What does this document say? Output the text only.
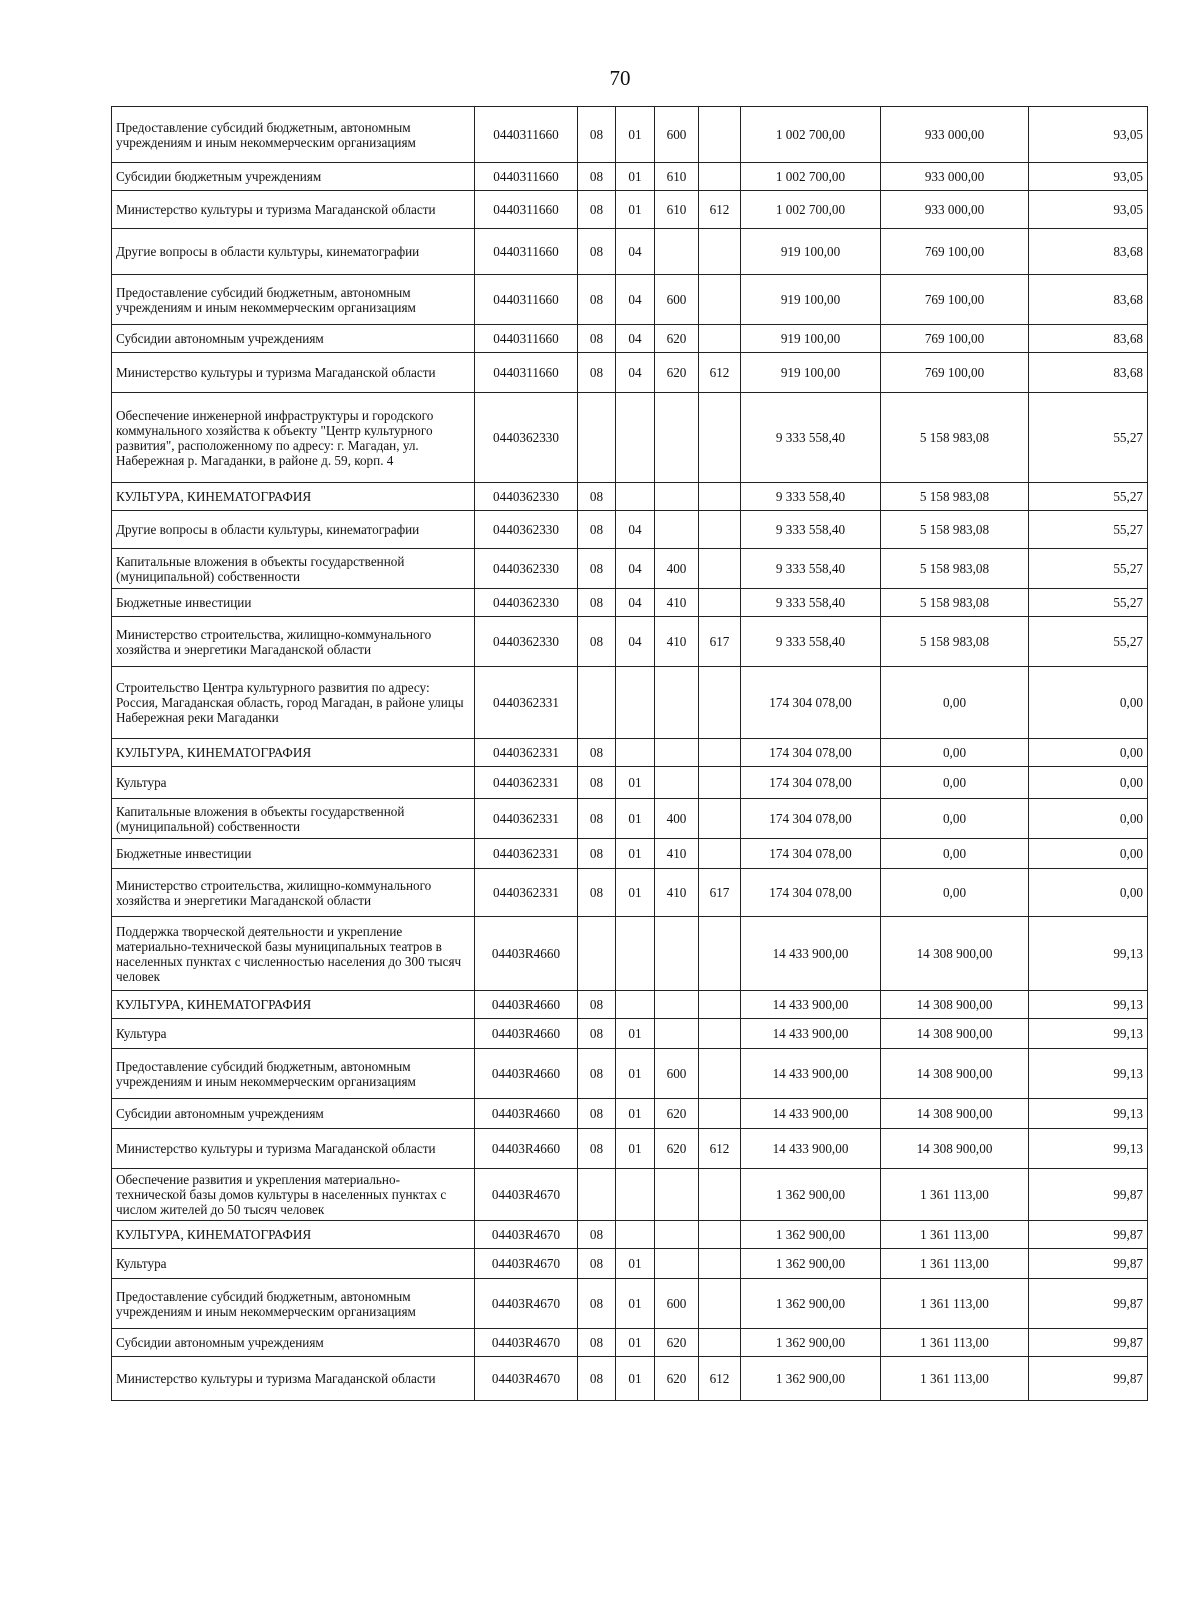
70
Предоставление субсидий бюджетным, автономным учреждениям и иным некоммерческим организациям	0440311660	08	01	600		1 002 700,00	933 000,00	93,05
Субсидии бюджетным учреждениям	0440311660	08	01	610		1 002 700,00	933 000,00	93,05
Министерство культуры и туризма Магаданской области	0440311660	08	01	610	612	1 002 700,00	933 000,00	93,05
Другие вопросы в области культуры, кинематографии	0440311660	08	04			919 100,00	769 100,00	83,68
Предоставление субсидий бюджетным, автономным учреждениям и иным некоммерческим организациям	0440311660	08	04	600		919 100,00	769 100,00	83,68
Субсидии автономным учреждениям	0440311660	08	04	620		919 100,00	769 100,00	83,68
Министерство культуры и туризма Магаданской области	0440311660	08	04	620	612	919 100,00	769 100,00	83,68
Обеспечение инженерной инфраструктуры и городского коммунального хозяйства к объекту "Центр культурного развития", расположенному по адресу: г. Магадан, ул. Набережная р. Магаданки, в районе д. 59, корп. 4	0440362330					9 333 558,40	5 158 983,08	55,27
КУЛЬТУРА, КИНЕМАТОГРАФИЯ	0440362330	08				9 333 558,40	5 158 983,08	55,27
Другие вопросы в области культуры, кинематографии	0440362330	08	04			9 333 558,40	5 158 983,08	55,27
Капитальные вложения в объекты государственной (муниципальной) собственности	0440362330	08	04	400		9 333 558,40	5 158 983,08	55,27
Бюджетные инвестиции	0440362330	08	04	410		9 333 558,40	5 158 983,08	55,27
Министерство строительства, жилищно-коммунального хозяйства и энергетики Магаданской области	0440362330	08	04	410	617	9 333 558,40	5 158 983,08	55,27
Строительство Центра культурного развития по адресу: Россия, Магаданская область, город Магадан, в районе улицы Набережная реки Магаданки	0440362331					174 304 078,00	0,00	0,00
КУЛЬТУРА, КИНЕМАТОГРАФИЯ	0440362331	08				174 304 078,00	0,00	0,00
Культура	0440362331	08	01			174 304 078,00	0,00	0,00
Капитальные вложения в объекты государственной (муниципальной) собственности	0440362331	08	01	400		174 304 078,00	0,00	0,00
Бюджетные инвестиции	0440362331	08	01	410		174 304 078,00	0,00	0,00
Министерство строительства, жилищно-коммунального хозяйства и энергетики Магаданской области	0440362331	08	01	410	617	174 304 078,00	0,00	0,00
Поддержка творческой деятельности и укрепление материально-технической базы муниципальных театров в населенных пунктах с численностью населения до 300 тысяч человек	04403R4660					14 433 900,00	14 308 900,00	99,13
КУЛЬТУРА, КИНЕМАТОГРАФИЯ	04403R4660	08				14 433 900,00	14 308 900,00	99,13
Культура	04403R4660	08	01			14 433 900,00	14 308 900,00	99,13
Предоставление субсидий бюджетным, автономным учреждениям и иным некоммерческим организациям	04403R4660	08	01	600		14 433 900,00	14 308 900,00	99,13
Субсидии автономным учреждениям	04403R4660	08	01	620		14 433 900,00	14 308 900,00	99,13
Министерство культуры и туризма Магаданской области	04403R4660	08	01	620	612	14 433 900,00	14 308 900,00	99,13
Обеспечение развития и укрепления материально-технической базы домов культуры в населенных пунктах с числом жителей до 50 тысяч человек	04403R4670					1 362 900,00	1 361 113,00	99,87
КУЛЬТУРА, КИНЕМАТОГРАФИЯ	04403R4670	08				1 362 900,00	1 361 113,00	99,87
Культура	04403R4670	08	01			1 362 900,00	1 361 113,00	99,87
Предоставление субсидий бюджетным, автономным учреждениям и иным некоммерческим организациям	04403R4670	08	01	600		1 362 900,00	1 361 113,00	99,87
Субсидии автономным учреждениям	04403R4670	08	01	620		1 362 900,00	1 361 113,00	99,87
Министерство культуры и туризма Магаданской области	04403R4670	08	01	620	612	1 362 900,00	1 361 113,00	99,87
